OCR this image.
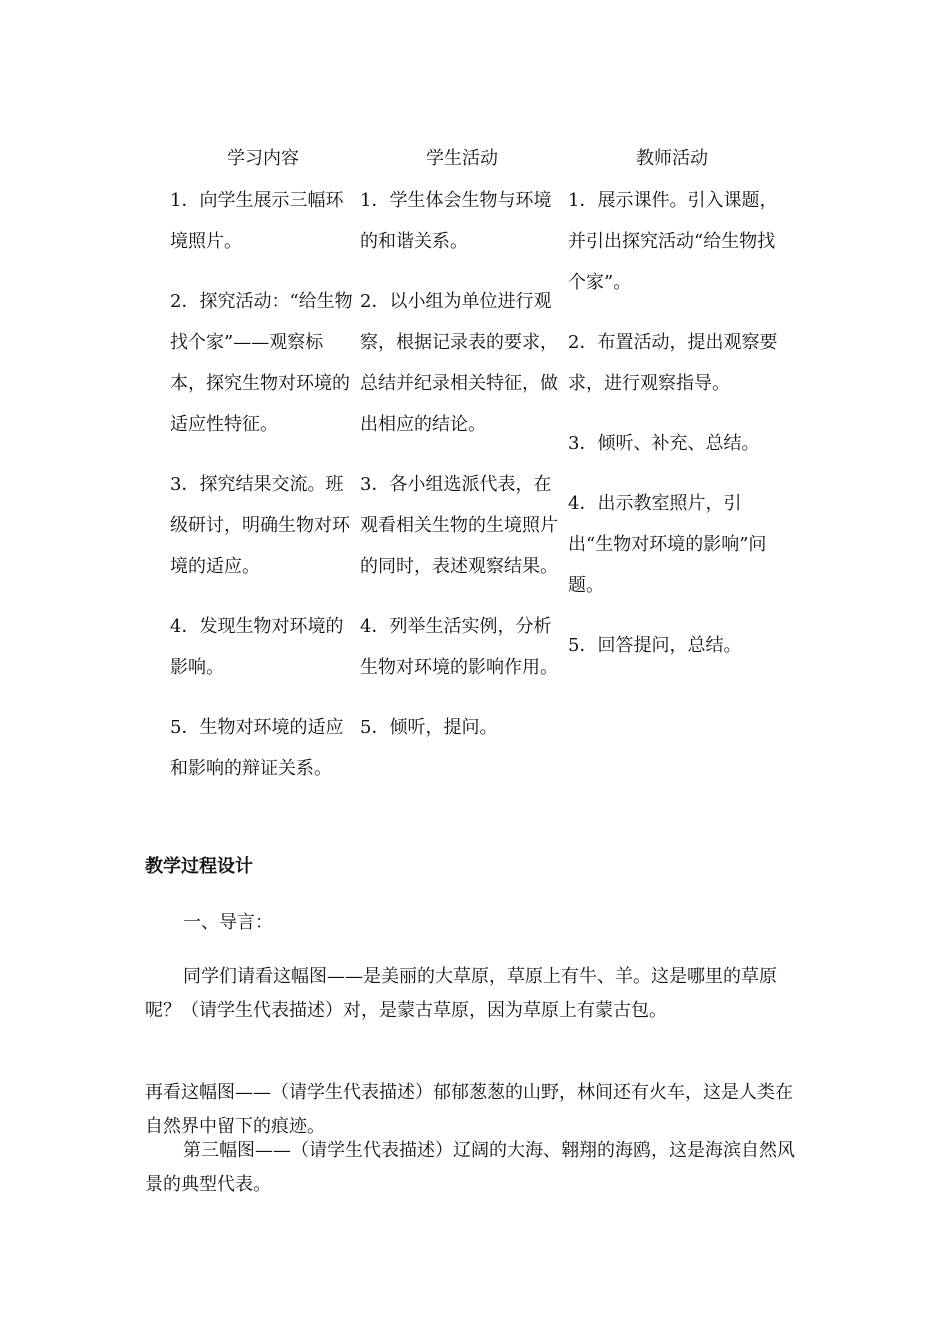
学习内容	学生活动	教师活动

1．向学生展示三幅环境照片。

2．探究活动：“给生物找个家”——观察标本，探究生物对环境的适应性特征。

3．探究结果交流。班级研讨，明确生物对环境的适应。

4．发现生物对环境的影响。

5．生物对环境的适应和影响的辩证关系。

1．学生体会生物与环境的和谐关系。

2．以小组为单位进行观察，根据记录表的要求，总结并纪录相关特征，做出相应的结论。

3．各小组选派代表，在观看相关生物的生境照片的同时，表述观察结果。

4．列举生活实例，分析生物对环境的影响作用。

5．倾听，提问。

1．展示课件。引入课题，并引出探究活动“给生物找个家”。

2．布置活动，提出观察要求，进行观察指导。

3．倾听、补充、总结。

4．出示教室照片，引出“生物对环境的影响”问题。

5．回答提问，总结。

教学过程设计

一、导言：

同学们请看这幅图——是美丽的大草原，草原上有牛、羊。这是哪里的草原呢？（请学生代表描述）对，是蒙古草原，因为草原上有蒙古包。

再看这幅图——（请学生代表描述）郁郁葱葱的山野，林间还有火车，这是人类在自然界中留下的痕迹。

第三幅图——（请学生代表描述）辽阔的大海、翱翔的海鸥，这是海滨自然风景的典型代表。
